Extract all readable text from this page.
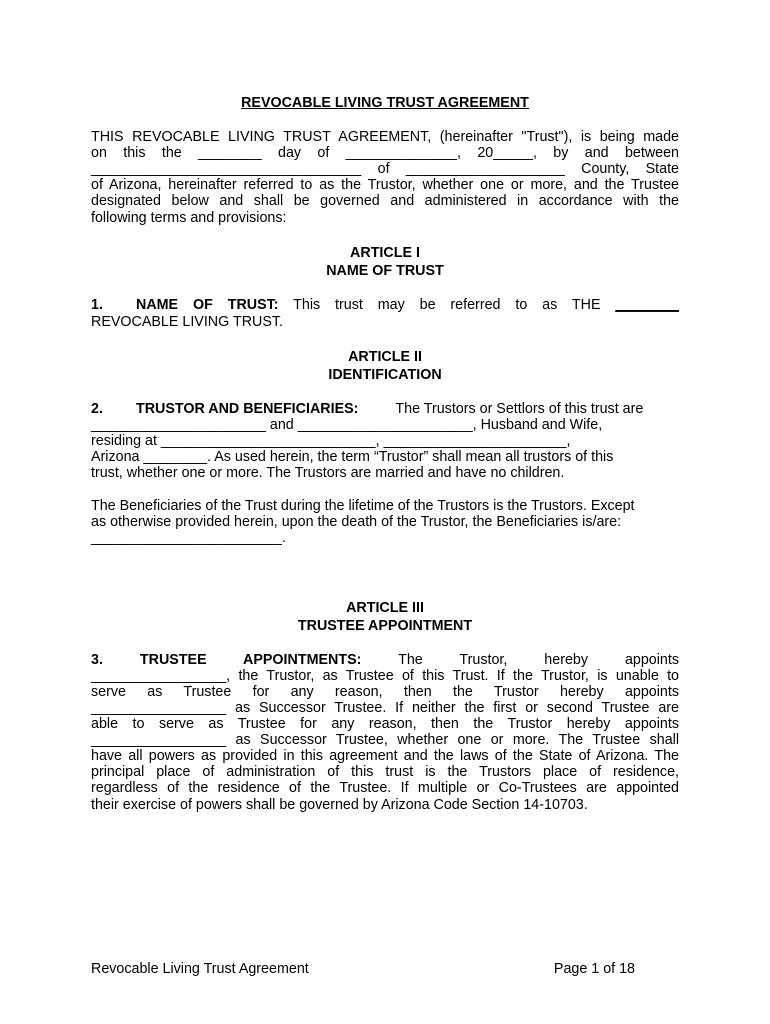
REVOCABLE LIVING TRUST AGREEMENT

THIS REVOCABLE LIVING TRUST AGREEMENT, (hereinafter "Trust"), is being made
on this the ________ day of ______________, 20_____, by and between
__________________________________ of ____________________ County, State
of Arizona, hereinafter referred to as the Trustor, whether one or more, and the Trustee
designated below and shall be governed and administered in accordance with the

following terms and provisions:

ARTICLE I

NAME OF TRUST

1. NAME OF TRUST: This trust may be referred to as THE ________

REVOCABLE LIVING TRUST.

ARTICLE II

IDENTIFICATION

2. TRUSTOR AND BENEFICIARIES:	The Trustors or Settlors of this trust are
______________________ and ______________________, Husband and Wife,
residing at ___________________________, _______________________,
Arizona ________. As used herein, the term “Trustor” shall mean all trustors of this
trust, whether one or more. The Trustors are married and have no children.
The Beneficiaries of the Trust during the lifetime of the Trustors is the Trustors. Except
as otherwise provided herein, upon the death of the Trustor, the Beneficiaries is/are:
________________________.

ARTICLE III

TRUSTEE APPOINTMENT

3.	TRUSTEE APPOINTMENTS:	The Trustor, hereby appoints
_________________, the Trustor, as Trustee of this Trust. If the Trustor, is unable to
serve as Trustee for any reason, then the Trustor hereby appoints
_________________ as Successor Trustee. If neither the first or second Trustee are
able to serve as Trustee for any reason, then the Trustor hereby appoints
_________________ as Successor Trustee, whether one or more. The Trustee shall
have all powers as provided in this agreement and the laws of the State of Arizona. The
principal place of administration of this trust is the Trustors place of residence,
regardless of the residence of the Trustee. If multiple or Co-Trustees are appointed

their exercise of powers shall be governed by Arizona Code Section 14-10703.

Revocable Living Trust Agreement	Page 1 of 18
